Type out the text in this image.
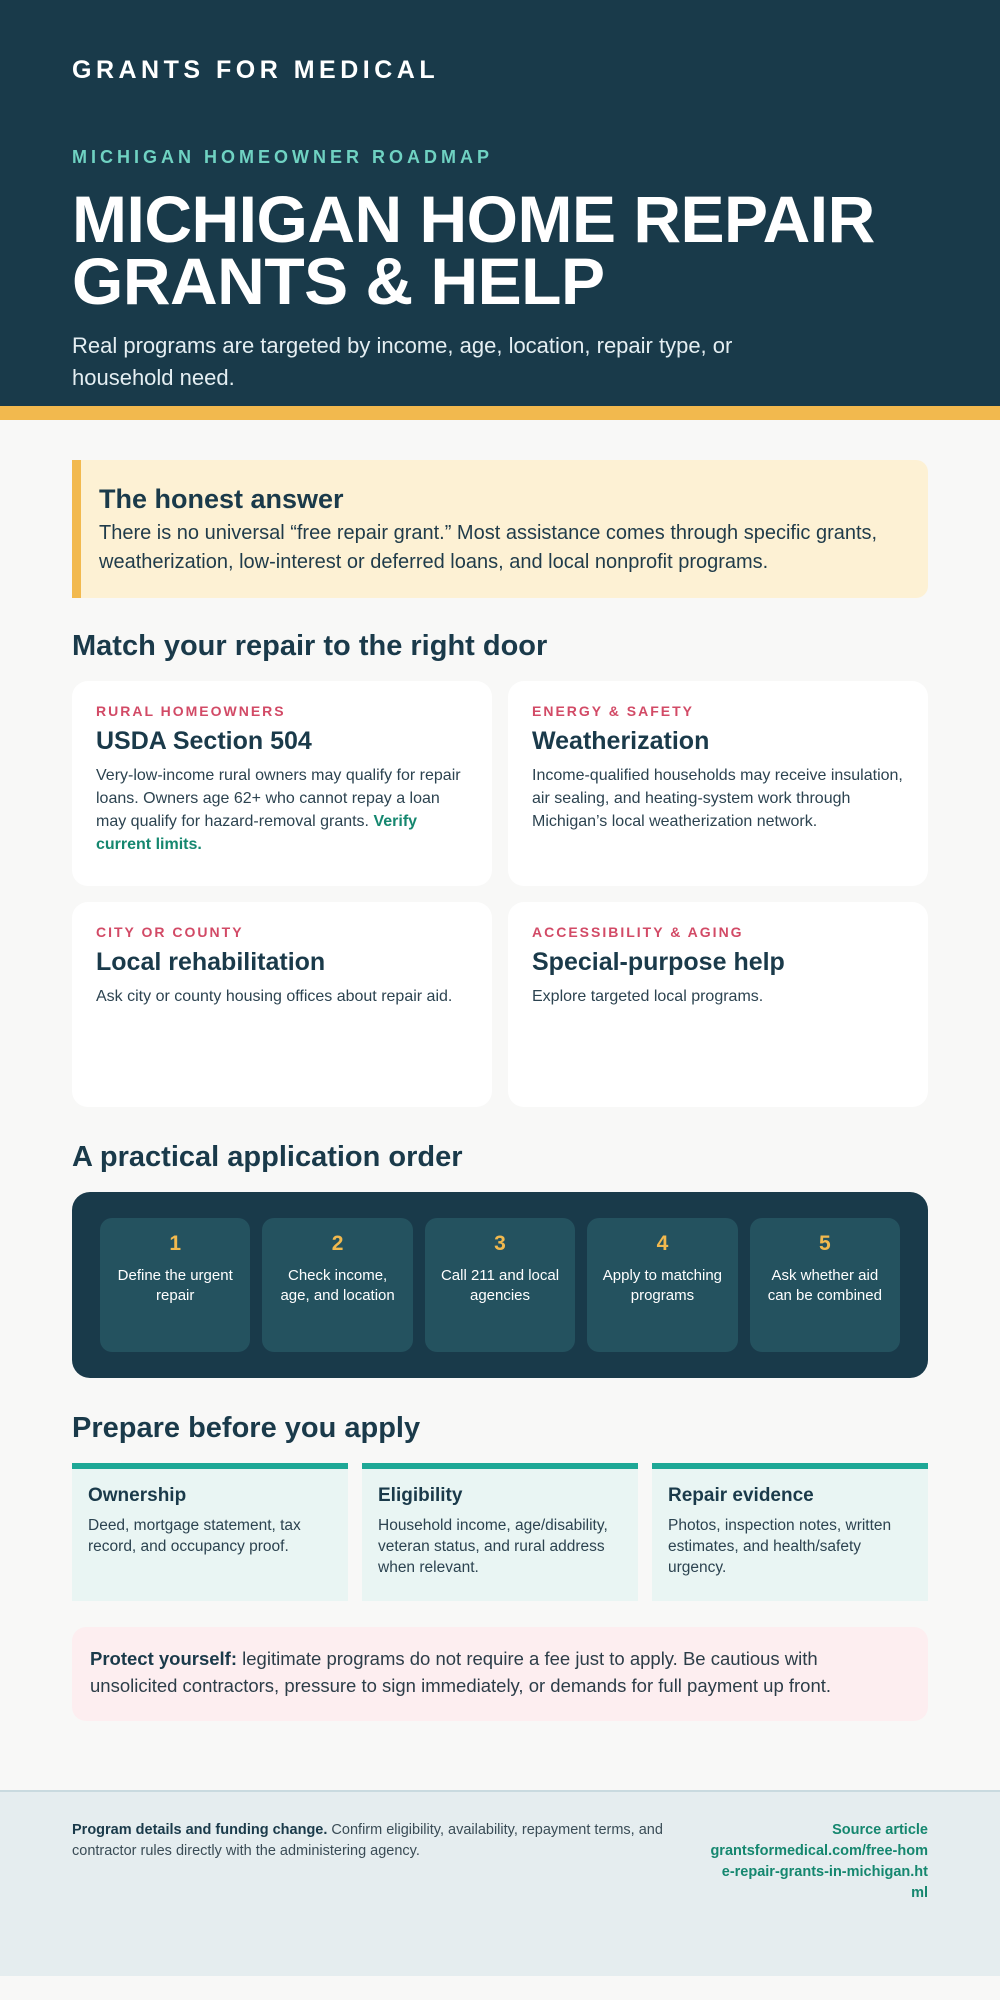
GRANTS FOR MEDICAL
MICHIGAN HOMEOWNER ROADMAP
MICHIGAN HOME REPAIR
GRANTS & HELP

Real programs are targeted by income, age, location, repair type, or household need.

The honest answer

There is no universal “free repair grant.” Most assistance comes through specific grants, weatherization, low-interest or deferred loans, and local nonprofit programs.

Match your repair to the right door
RURAL HOMEOWNERS
USDA Section 504

Very-low-income rural owners may qualify for repair loans. Owners age 62+ who cannot repay a loan may qualify for hazard-removal grants. Verify current limits.

ENERGY & SAFETY
Weatherization

Income-qualified households may receive insulation, air sealing, and heating-system work through Michigan’s local weatherization network.

CITY OR COUNTY
Local rehabilitation

Ask city or county housing offices about repair aid.

ACCESSIBILITY & AGING
Special-purpose help

Explore targeted local programs.

A practical application order
1
Define the urgent repair
2
Check income, age, and location
3
Call 211 and local agencies
4
Apply to matching programs
5
Ask whether aid can be combined
Prepare before you apply
Ownership

Deed, mortgage statement, tax record, and occupancy proof.

Eligibility

Household income, age/disability, veteran status, and rural address when relevant.

Repair evidence

Photos, inspection notes, written estimates, and health/safety urgency.

Protect yourself: legitimate programs do not require a fee just to apply. Be cautious with unsolicited contractors, pressure to sign immediately, or demands for full payment up front.
Program details and funding change. Confirm eligibility, availability, repayment terms, and contractor rules directly with the administering agency.
Source article
grantsformedical.com/free-home-repair-grants-in-michigan.html
